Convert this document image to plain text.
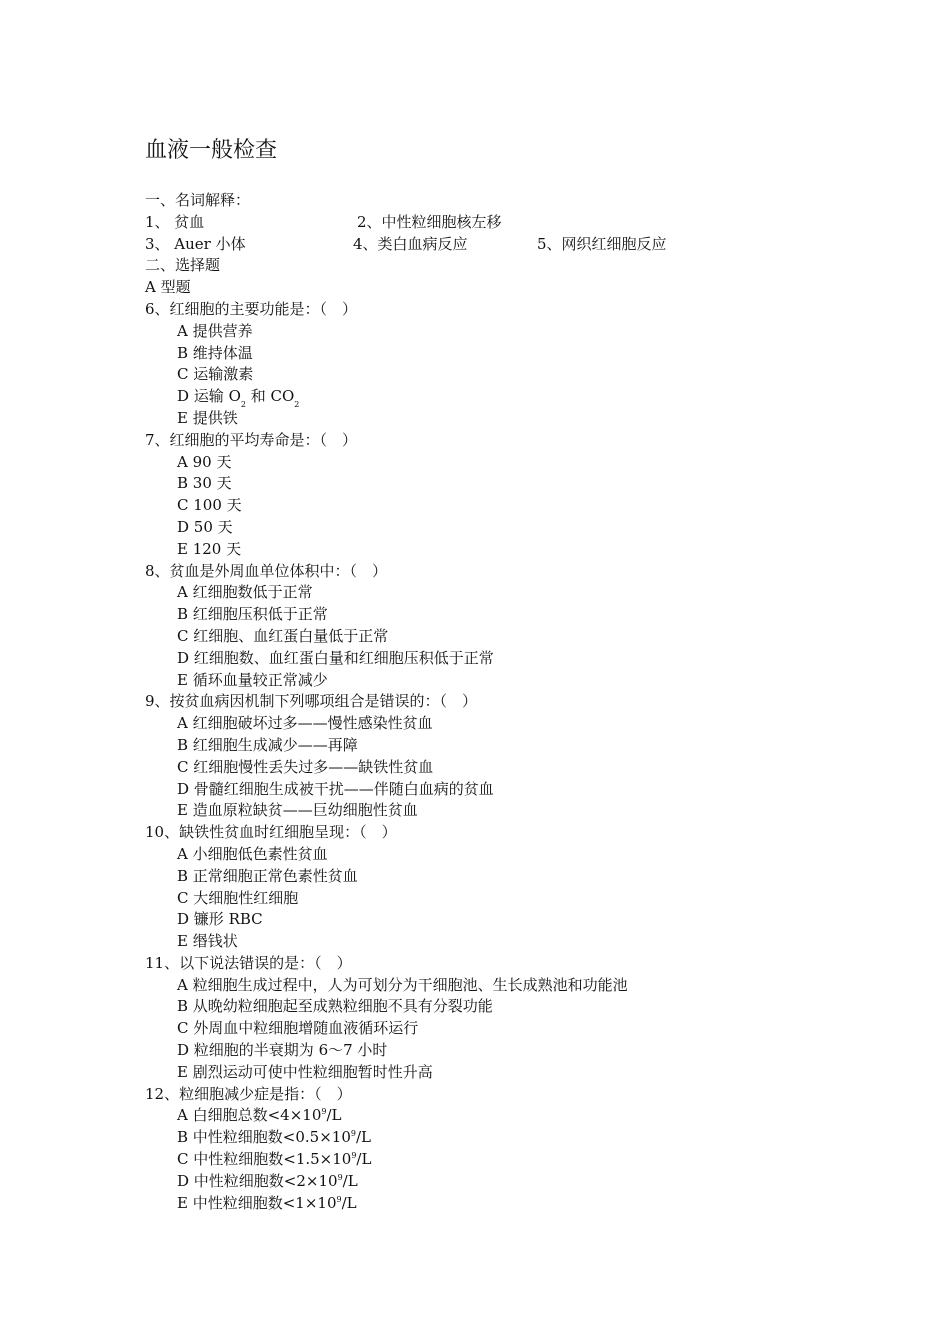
血液一般检查
一、名词解释：
1、 贫血	2、中性粒细胞核左移
3、 Auer 小体	4、类白血病反应	5、网织红细胞反应
二、选择题
A 型题
6、红细胞的主要功能是：（　）
A 提供营养
B 维持体温
C 运输激素
D 运输 $O_2$ 和 $CO_2$
E 提供铁
7、红细胞的平均寿命是：（　）
A 90 天
B 30 天
C 100 天
D 50 天
E 120 天
8、贫血是外周血单位体积中：（　）
A 红细胞数低于正常
B 红细胞压积低于正常
C 红细胞、血红蛋白量低于正常
D 红细胞数、血红蛋白量和红细胞压积低于正常
E 循环血量较正常减少
9、按贫血病因机制下列哪项组合是错误的：（　）
A 红细胞破坏过多——慢性感染性贫血
B 红细胞生成减少——再障
C 红细胞慢性丢失过多——缺铁性贫血
D 骨髓红细胞生成被干扰——伴随白血病的贫血
E 造血原粒缺贫——巨幼细胞性贫血
10、缺铁性贫血时红细胞呈现：（　）
A 小细胞低色素性贫血
B 正常细胞正常色素性贫血
C 大细胞性红细胞
D 镰形 RBC
E 缗钱状
11、以下说法错误的是：（　）
A 粒细胞生成过程中，人为可划分为干细胞池、生长成熟池和功能池
B 从晚幼粒细胞起至成熟粒细胞不具有分裂功能
C 外周血中粒细胞增随血液循环运行
D 粒细胞的半衰期为 6～7 小时
E 剧烈运动可使中性粒细胞暂时性升高
12、粒细胞减少症是指：（　）
A 白细胞总数$<4\times 10^9/L$
B 中性粒细胞数$<0.5\times 10^9/L$
C 中性粒细胞数$<1.5\times 10^9/L$
D 中性粒细胞数$<2\times 10^9/L$
E 中性粒细胞数$<1\times 10^9/L$
